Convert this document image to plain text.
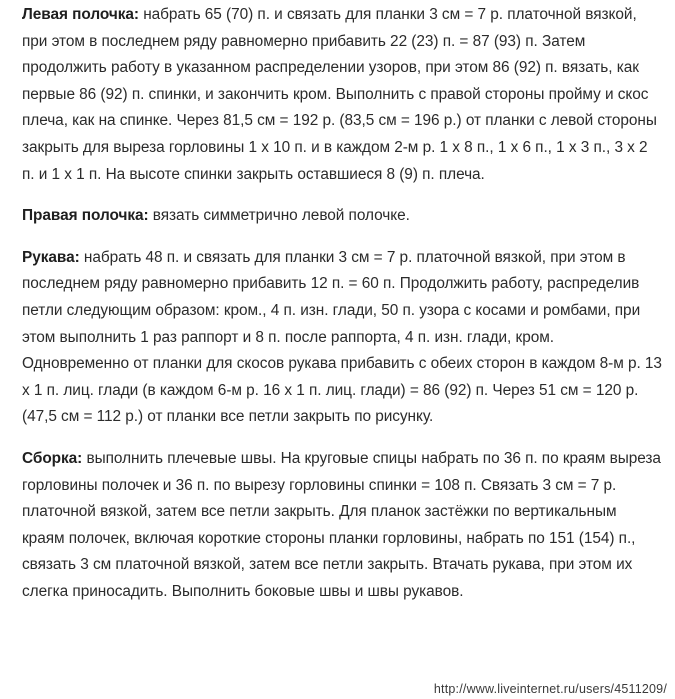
Левая полочка: набрать 65 (70) п. и связать для планки 3 см = 7 р. платочной вязкой, при этом в последнем ряду равномерно прибавить 22 (23) п. = 87 (93) п. Затем продолжить работу в указанном распределении узоров, при этом 86 (92) п. вязать, как первые 86 (92) п. спинки, и закончить кром. Выполнить с правой стороны пройму и скос плеча, как на спинке. Через 81,5 см = 192 р. (83,5 см = 196 р.) от планки с левой стороны закрыть для выреза горловины 1 х 10 п. и в каждом 2-м р. 1 х 8 п., 1 х 6 п., 1 х 3 п., 3 х 2 п. и 1 х 1 п. На высоте спинки закрыть оставшиеся 8 (9) п. плеча.

Правая полочка: вязать симметрично левой полочке.

Рукава: набрать 48 п. и связать для планки 3 см = 7 р. платочной вязкой, при этом в последнем ряду равномерно прибавить 12 п. = 60 п. Продолжить работу, распределив петли следующим образом: кром., 4 п. изн. глади, 50 п. узора с косами и ромбами, при этом выполнить 1 раз раппорт и 8 п. после раппорта, 4 п. изн. глади, кром. Одновременно от планки для скосов рукава прибавить с обеих сторон в каждом 8-м р. 13 х 1 п. лиц. глади (в каждом 6-м р. 16 х 1 п. лиц. глади) = 86 (92) п. Через 51 см = 120 р. (47,5 см = 112 р.) от планки все петли закрыть по рисунку.

Сборка: выполнить плечевые швы. На круговые спицы набрать по 36 п. по краям выреза горловины полочек и 36 п. по вырезу горловины спинки = 108 п. Связать 3 см = 7 р. платочной вязкой, затем все петли закрыть. Для планок застёжки по вертикальным краям полочек, включая короткие стороны планки горловины, набрать по 151 (154) п., связать 3 см платочной вязкой, затем все петли закрыть. Втачать рукава, при этом их слегка приносадить. Выполнить боковые швы и швы рукавов.

http://www.liveinternet.ru/users/4511209/
